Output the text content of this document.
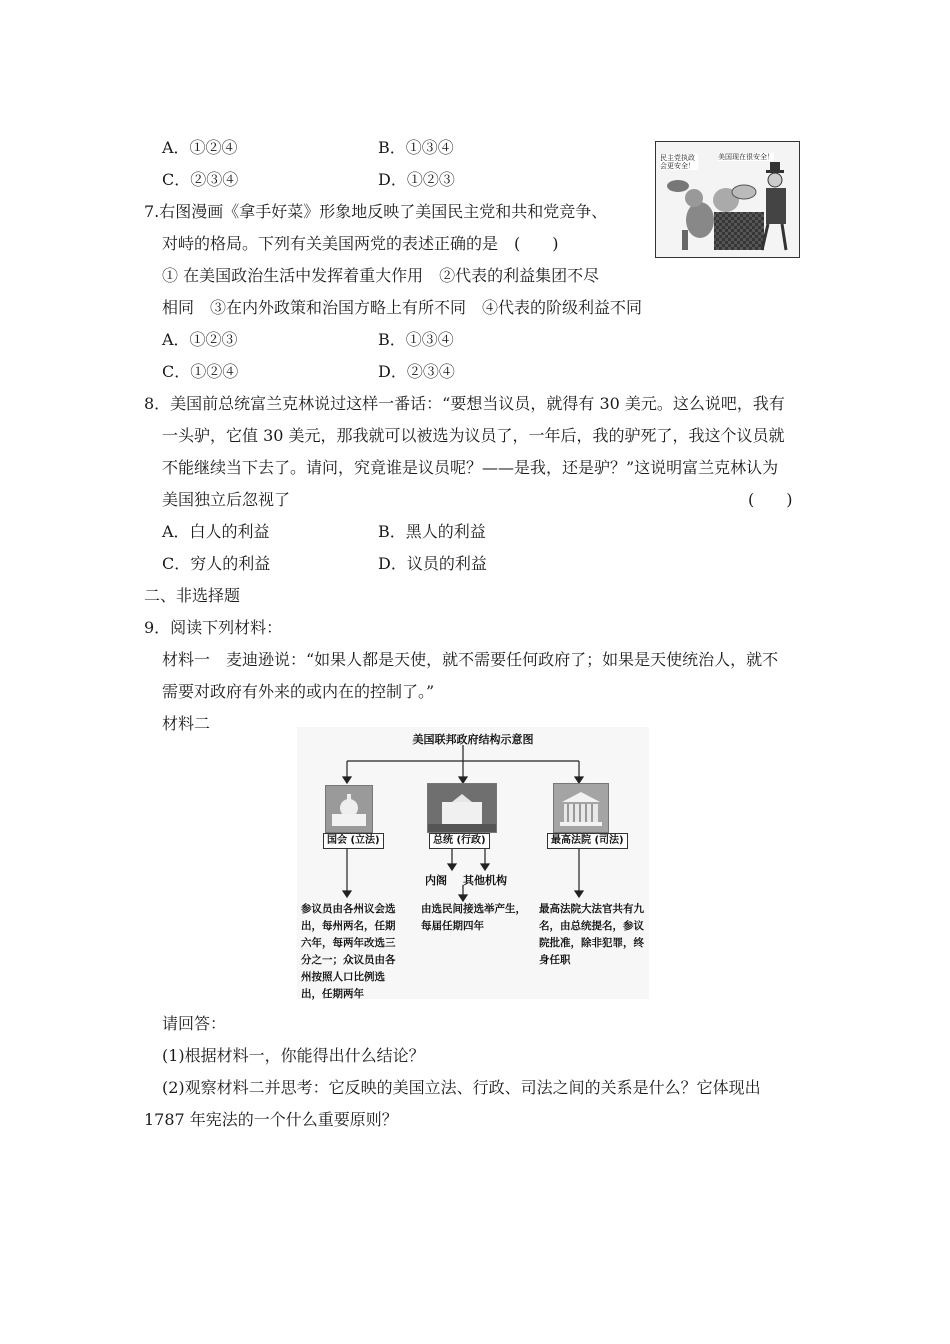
A．①②④	B．①③④
C．②③④	D．①②③
7.右图漫画《拿手好菜》形象地反映了美国民主党和共和党竞争、
对峙的格局。下列有关美国两党的表述正确的是　(　　)
① 在美国政治生活中发挥着重大作用　②代表的利益集团不尽
相同　③在内外政策和治国方略上有所不同　④代表的阶级利益不同
A．①②③	B．①③④
C．①②④	D．②③④
民主党执政
会更安全！
美国现在很安全！
8．美国前总统富兰克林说过这样一番话：“要想当议员，就得有 30 美元。这么说吧，我有
一头驴，它值 30 美元，那我就可以被选为议员了，一年后，我的驴死了，我这个议员就
不能继续当下去了。请问，究竟谁是议员呢？——是我，还是驴？”这说明富兰克林认为
美国独立后忽视了	(　　)
A．白人的利益	B．黑人的利益
C．穷人的利益	D．议员的利益
二、非选择题
9．阅读下列材料：
材料一　麦迪逊说：“如果人都是天使，就不需要任何政府了；如果是天使统治人，就不
需要对政府有外来的或内在的控制了。”
材料二
美国联邦政府结构示意图
国会 (立法)	总统 (行政)	最高法院 (司法)
内阁 其他机构
参议员由各州议会选出，每州两名，任期六年，每两年改选三分之一；众议员由各州按照人口比例选出，任期两年
由选民间接选举产生，每届任期四年
最高法院大法官共有九名，由总统提名，参议院批准，除非犯罪，终身任职
请回答：
(1)根据材料一，你能得出什么结论？
(2)观察材料二并思考：它反映的美国立法、行政、司法之间的关系是什么？它体现出
1787 年宪法的一个什么重要原则？
